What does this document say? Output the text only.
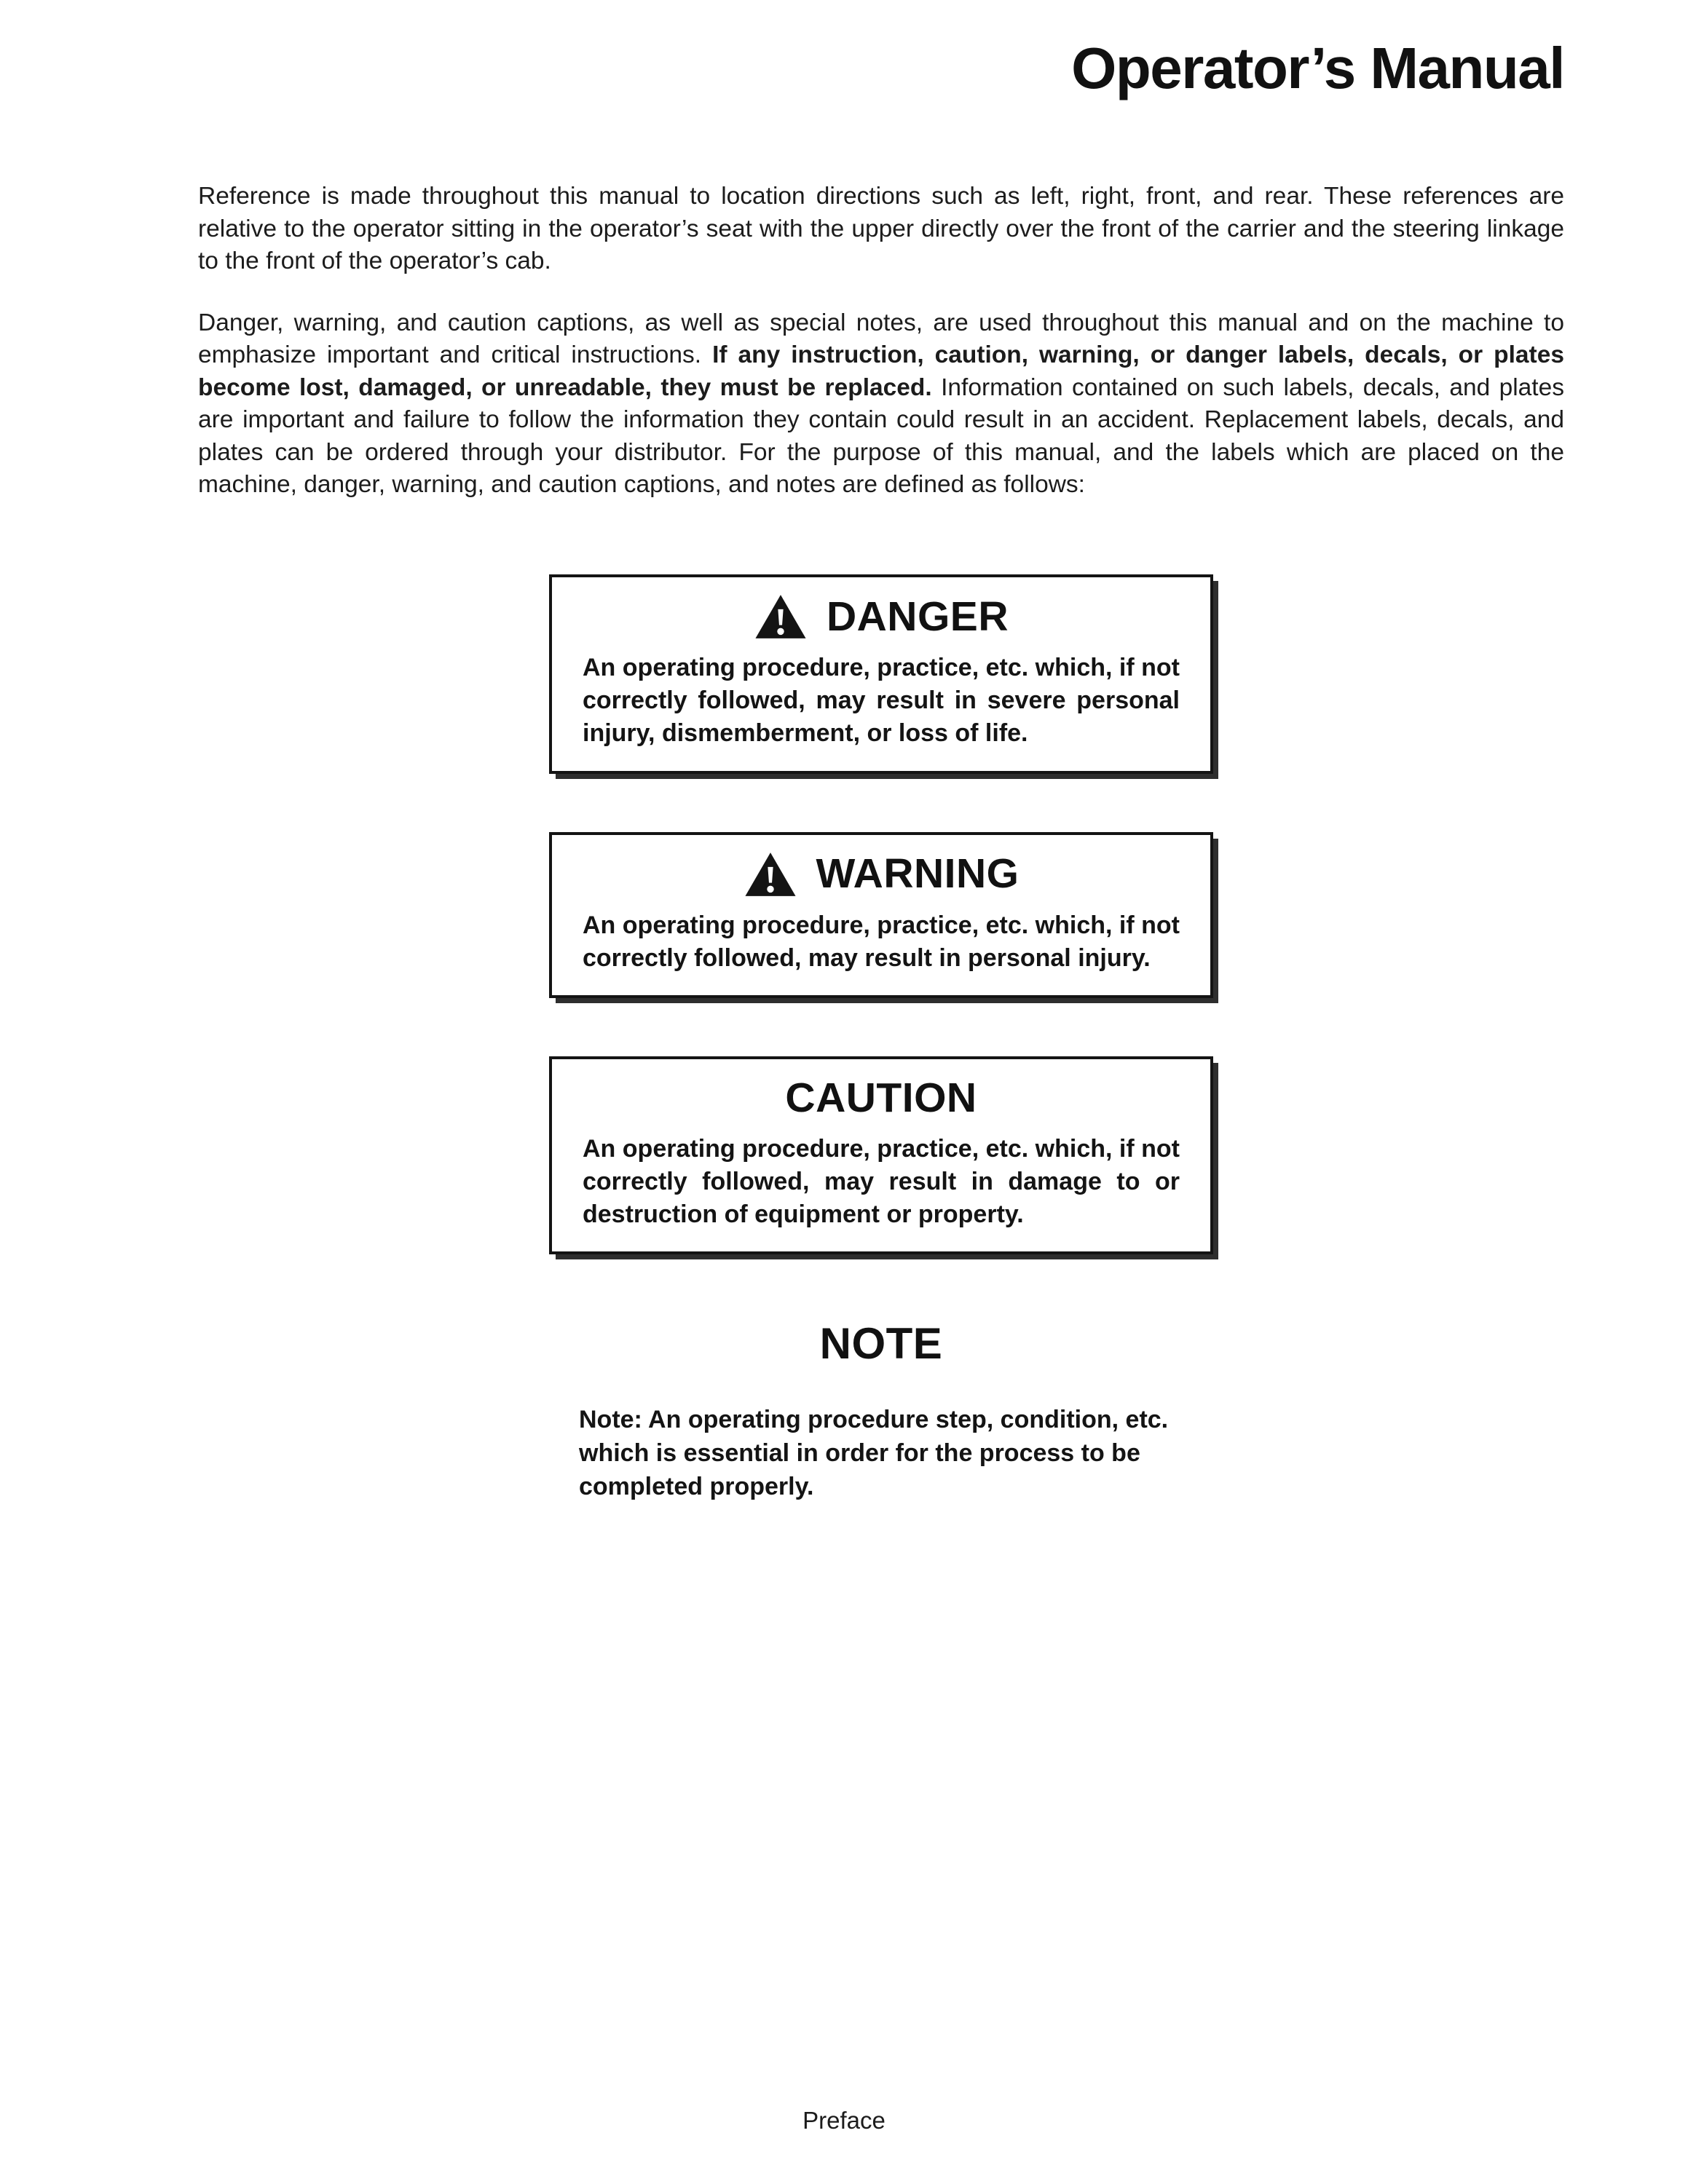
Operator’s Manual

Reference is made throughout this manual to location directions such as left, right, front, and rear. These references are relative to the operator sitting in the operator’s seat with the upper directly over the front of the carrier and the steering linkage to the front of the operator’s cab.

Danger, warning, and caution captions, as well as special notes, are used throughout this manual and on the machine to emphasize important and critical instructions. If any instruction, caution, warning, or danger labels, decals, or plates become lost, damaged, or unreadable, they must be replaced. Information contained on such labels, decals, and plates are important and failure to follow the information they contain could result in an accident. Replacement labels, decals, and plates can be ordered through your distributor. For the purpose of this manual, and the labels which are placed on the machine, danger, warning, and caution captions, and notes are defined as follows:

DANGER

An operating procedure, practice, etc. which, if not correctly followed, may result in severe personal injury, dismemberment, or loss of life.

WARNING

An operating procedure, practice, etc. which, if not correctly followed, may result in personal injury.

CAUTION

An operating procedure, practice, etc. which, if not correctly followed, may result in damage to or destruction of equipment or property.

NOTE

Note: An operating procedure step, condition, etc. which is essential in order for the process to be completed properly.

Preface
